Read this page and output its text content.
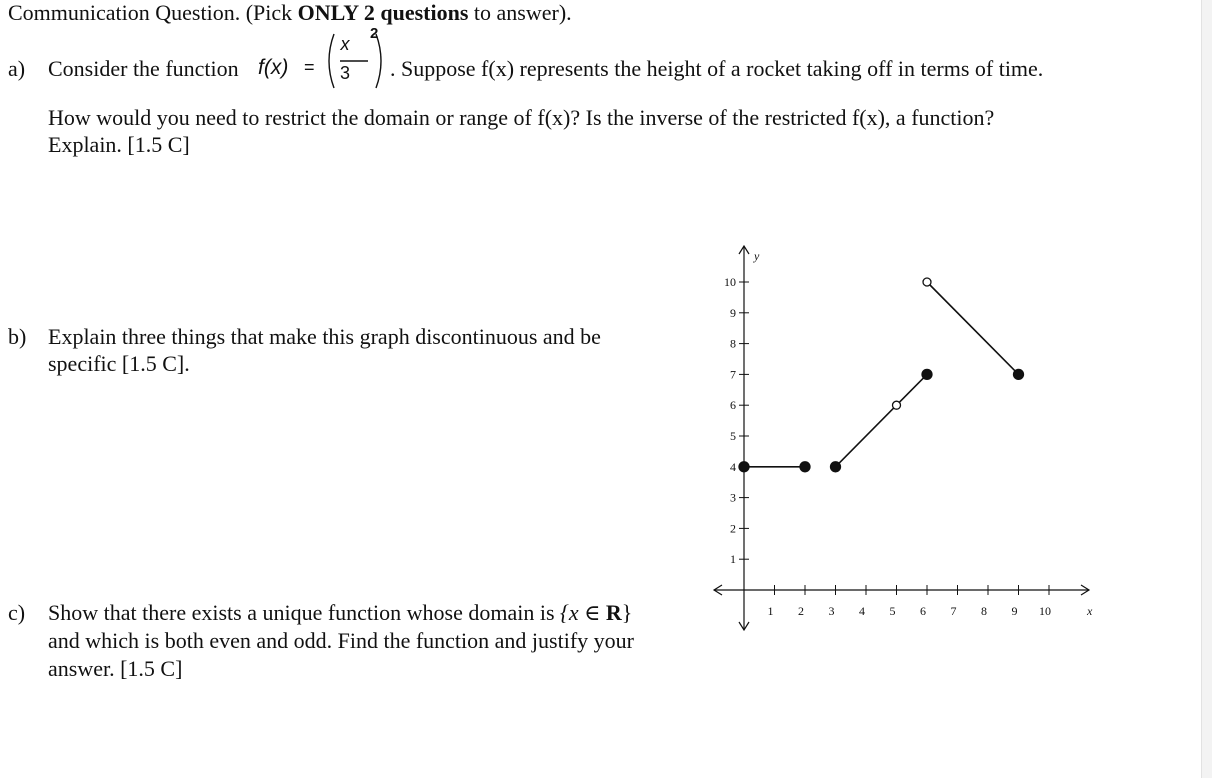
Communication Question. (Pick ONLY 2 questions to answer).
a) Consider the function f(x) =
x
3
2
. Suppose f(x) represents the height of a rocket taking off in terms of time.
How would you need to restrict the domain or range of f(x)? Is the inverse of the restricted f(x), a function?
Explain. [1.5 C]
b) Explain three things that make this graph discontinuous and be
specific [1.5 C].
c) Show that there exists a unique function whose domain is {x ∈ R}
and which is both even and odd. Find the function and justify your
answer. [1.5 C]
1 2 3 4 5 6 7 8 9 10
1
2
3
4
5
6
7
8
9
10
x
y
